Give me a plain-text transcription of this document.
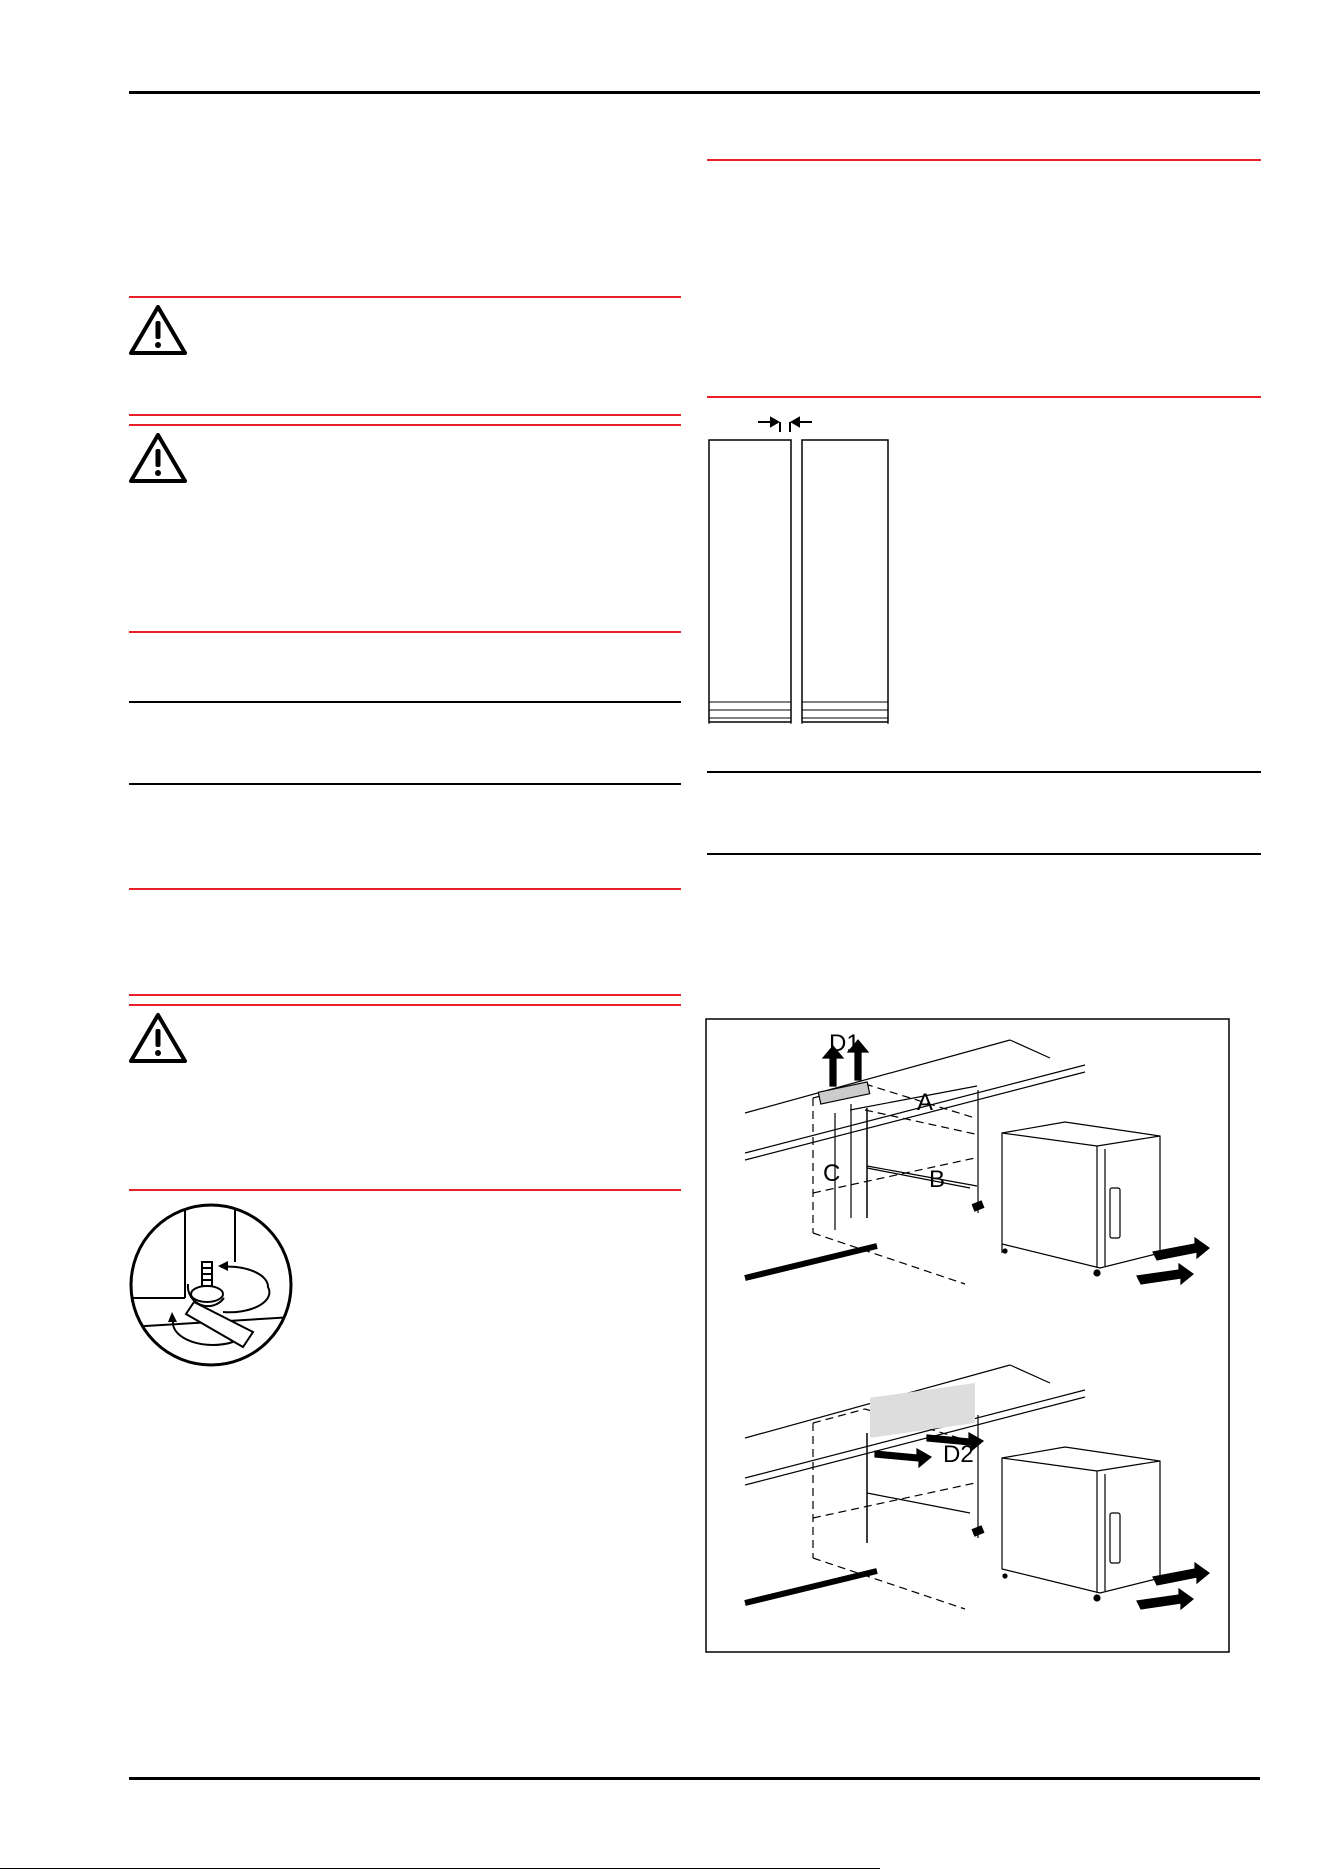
D1
A
B
C
D2
